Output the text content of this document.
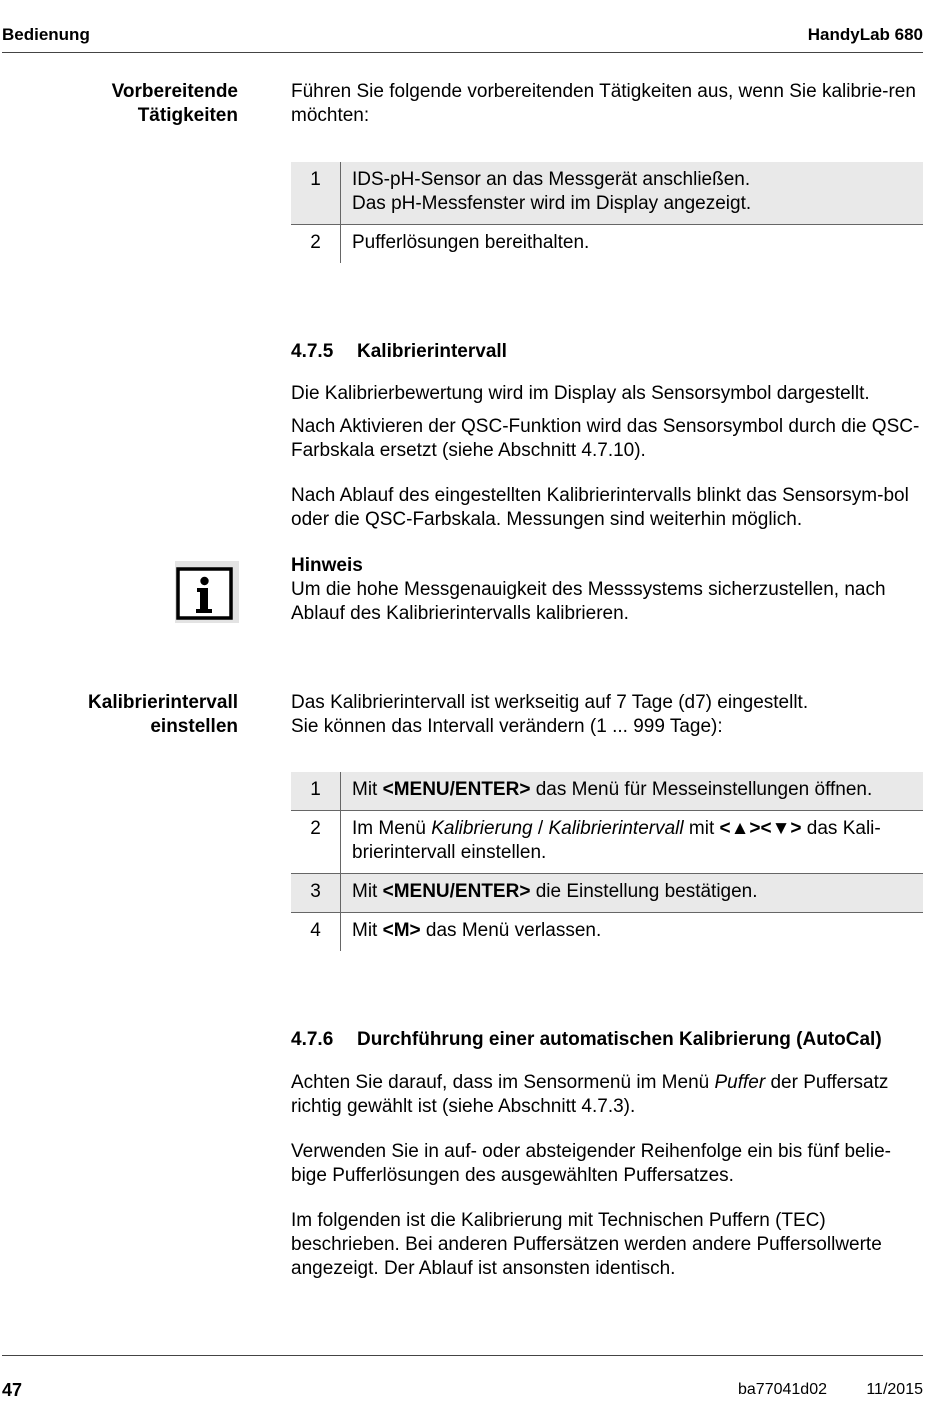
Bedienung	HandyLab 680
Vorbereitende
Tätigkeiten

Führen Sie folgende vorbereitenden Tätigkeiten aus, wenn Sie kalibrie-ren möchten:

1	IDS-pH-Sensor an das Messgerät anschließen.
Das pH-Messfenster wird im Display angezeigt.

2	Pufferlösungen bereithalten.
4.7.5 Kalibrierintervall
Die Kalibrierbewertung wird im Display als Sensorsymbol dargestellt.
Nach Aktivieren der QSC-Funktion wird das Sensorsymbol durch die QSC-Farbskala ersetzt (siehe Abschnitt 4.7.10).
Nach Ablauf des eingestellten Kalibrierintervalls blinkt das Sensorsym-bol oder die QSC-Farbskala. Messungen sind weiterhin möglich.
Hinweis
Um die hohe Messgenauigkeit des Messsystems sicherzustellen, nach Ablauf des Kalibrierintervalls kalibrieren.
Kalibrierintervall
einstellen
Das Kalibrierintervall ist werkseitig auf 7 Tage (d7) eingestellt.
Sie können das Intervall verändern (1 ... 999 Tage):
1	Mit <MENU/ENTER> das Menü für Messeinstellungen öffnen.
2	Im Menü Kalibrierung / Kalibrierintervall mit <▲><▼> das Kali-brierintervall einstellen.
3	Mit <MENU/ENTER> die Einstellung bestätigen.
4	Mit <M> das Menü verlassen.
4.7.6 Durchführung einer automatischen Kalibrierung (AutoCal)
Achten Sie darauf, dass im Sensormenü im Menü Puffer der Puffersatz richtig gewählt ist (siehe Abschnitt 4.7.3).
Verwenden Sie in auf- oder absteigender Reihenfolge ein bis fünf belie-bige Pufferlösungen des ausgewählten Puffersatzes.
Im folgenden ist die Kalibrierung mit Technischen Puffern (TEC) beschrieben. Bei anderen Puffersätzen werden andere Puffersollwerte angezeigt. Der Ablauf ist ansonsten identisch.
47	ba77041d02 11/2015
